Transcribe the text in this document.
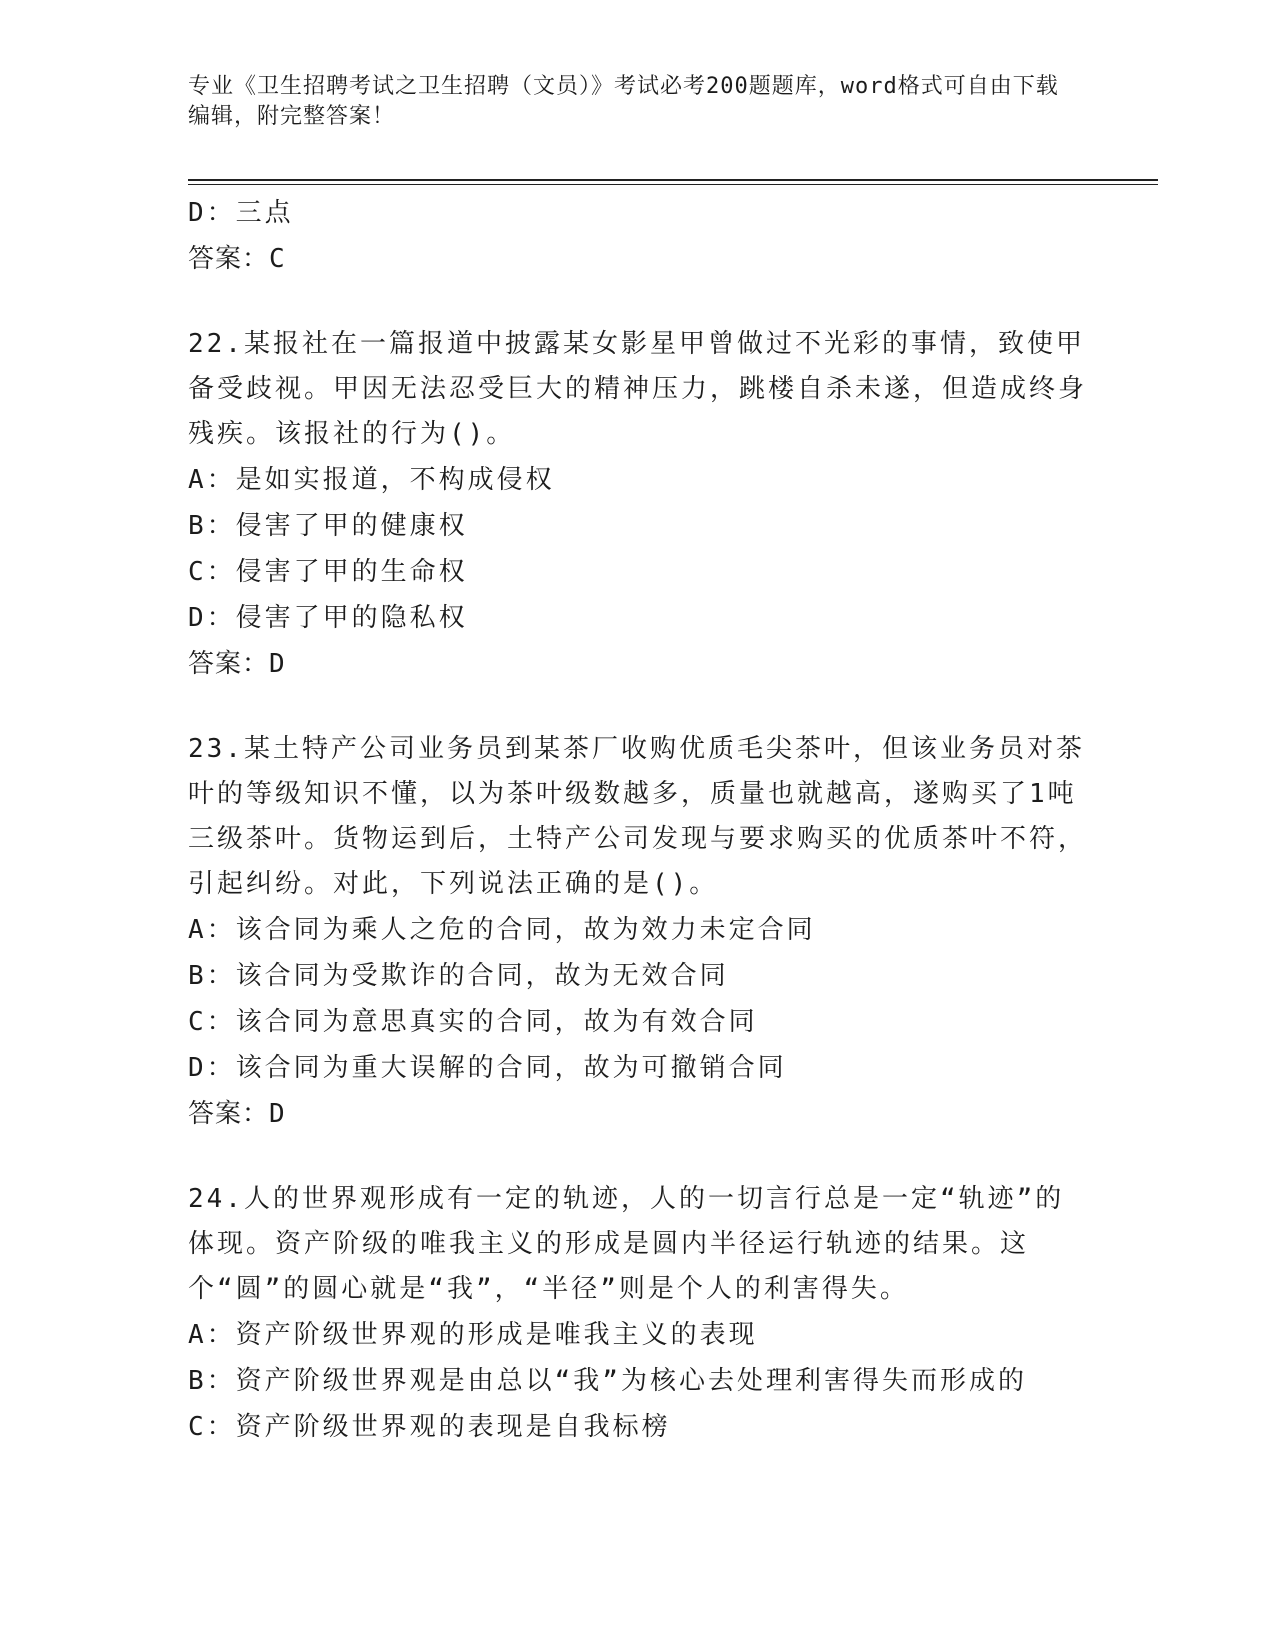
专业《卫生招聘考试之卫生招聘（文员）》考试必考200题题库，word格式可自由下载编辑，附完整答案！
D：三点
答案：C
22.某报社在一篇报道中披露某女影星甲曾做过不光彩的事情，致使甲备受歧视。甲因无法忍受巨大的精神压力，跳楼自杀未遂，但造成终身残疾。该报社的行为()。
A：是如实报道，不构成侵权
B：侵害了甲的健康权
C：侵害了甲的生命权
D：侵害了甲的隐私权
答案：D
23.某土特产公司业务员到某茶厂收购优质毛尖茶叶，但该业务员对茶叶的等级知识不懂，以为茶叶级数越多，质量也就越高，遂购买了1吨三级茶叶。货物运到后，土特产公司发现与要求购买的优质茶叶不符，引起纠纷。对此，下列说法正确的是()。
A：该合同为乘人之危的合同，故为效力未定合同
B：该合同为受欺诈的合同，故为无效合同
C：该合同为意思真实的合同，故为有效合同
D：该合同为重大误解的合同，故为可撤销合同
答案：D
24.人的世界观形成有一定的轨迹，人的一切言行总是一定“轨迹”的体现。资产阶级的唯我主义的形成是圆内半径运行轨迹的结果。这个“圆”的圆心就是“我”，“半径”则是个人的利害得失。
A：资产阶级世界观的形成是唯我主义的表现
B：资产阶级世界观是由总以“我”为核心去处理利害得失而形成的
C：资产阶级世界观的表现是自我标榜
